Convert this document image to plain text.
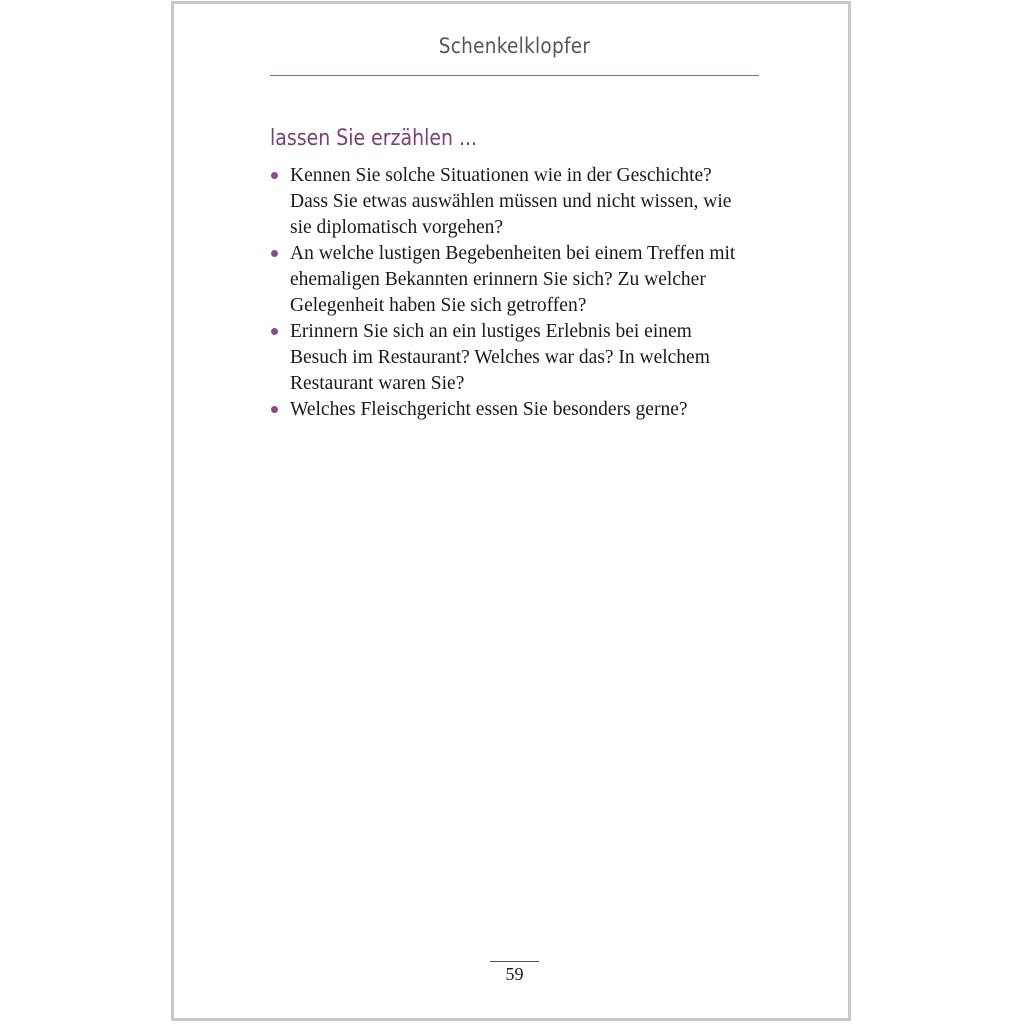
Schenkelklopfer
lassen Sie erzählen ...
Kennen Sie solche Situationen wie in der Geschichte?
Dass Sie etwas auswählen müssen und nicht wissen, wie
sie diplomatisch vorgehen?
An welche lustigen Begebenheiten bei einem Treffen mit
ehemaligen Bekannten erinnern Sie sich? Zu welcher
Gelegenheit haben Sie sich getroffen?
Erinnern Sie sich an ein lustiges Erlebnis bei einem
Besuch im Restaurant? Welches war das? In welchem
Restaurant waren Sie?
Welches Fleischgericht essen Sie besonders gerne?
59
